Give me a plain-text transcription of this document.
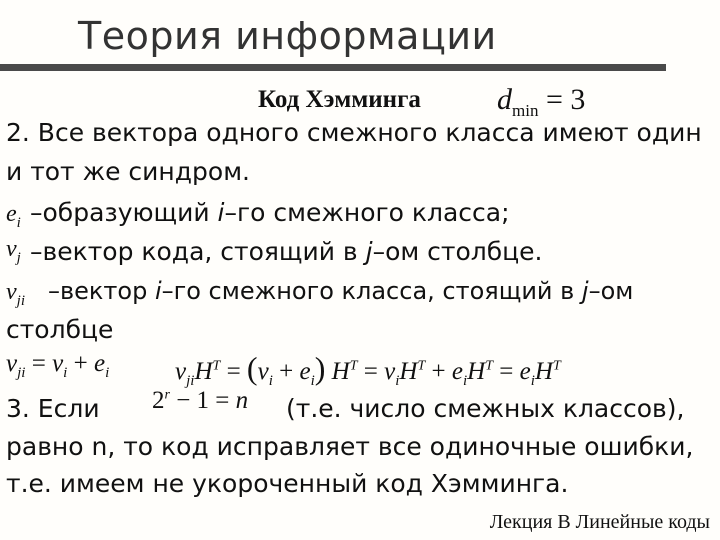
Теория информации
Код Хэмминга	$d_{min} = 3$
2. Все вектора одного смежного класса имеют один
и тот же синдром.
$e_i$ –образующий i–го смежного класса;
$v_j$ –вектор кода, стоящий в j–ом столбце.
$v_{ji}$ –вектор i–го смежного класса, стоящий в j–ом
столбце
$v_{ji} = v_i + e_i$	$v_{ji}H^T = (v_i + e_i) H^T = v_iH^T + e_iH^T = e_iH^T$
3. Если $2^r - 1 = n$ (т.е. число смежных классов),
равно n, то код исправляет все одиночные ошибки,
т.е. имеем не укороченный код Хэмминга.
Лекция В Линейные коды
